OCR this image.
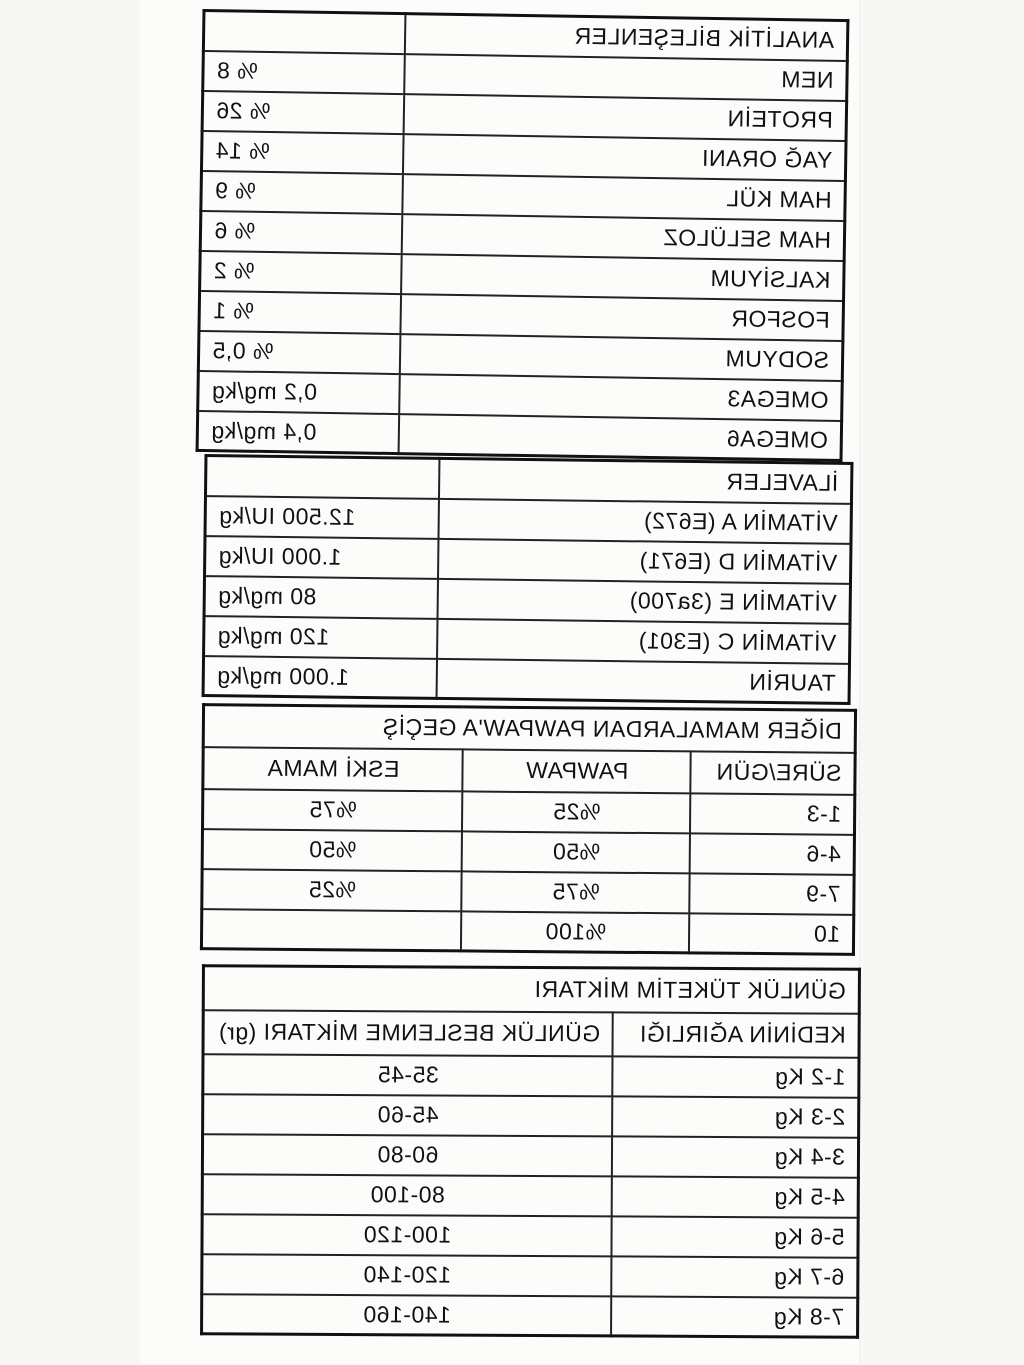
ANALİTİK BİLEŞENLER	
NEM	% 8
PROTEİN	% 26
YAĞ ORANI	% 14
HAM KÜL	% 9
HAM SELÜLOZ	% 6
KALSİYUM	% 2
FOSFOR	% 1
SODYUM	% 0,5
OMEGA3	0,2 mg/kg
OMEGA6	0,4 mg/kg
İLAVELER	
VİTAMİN A (E672)	12.500 IU/kg
VİTAMİN D (E671)	1.000 IU/kg
VİTAMİN E (3a700)	80 mg/kg
VİTAMİN C (E301)	120 mg/kg
TAURİN	1.000 mg/kg
DİĞER MAMALARDAN PAWPAW'A GEÇİŞ		
SÜRE/GÜN	PAWPAW	ESKİ MAMA
1-3	%25	%75
4-6	%50	%50
7-9	%75	%25
10	%100	
GÜNLÜK TÜKETİM MİKTARI	
KEDİNİN AĞIRLIĞI	GÜNLÜK BESLENME MİKTARI (gr)
1-2 Kg	35-45
2-3 Kg	45-60
3-4 Kg	60-80
4-5 Kg	80-100
5-6 Kg	100-120
6-7 Kg	120-140
7-8 Kg	140-160
